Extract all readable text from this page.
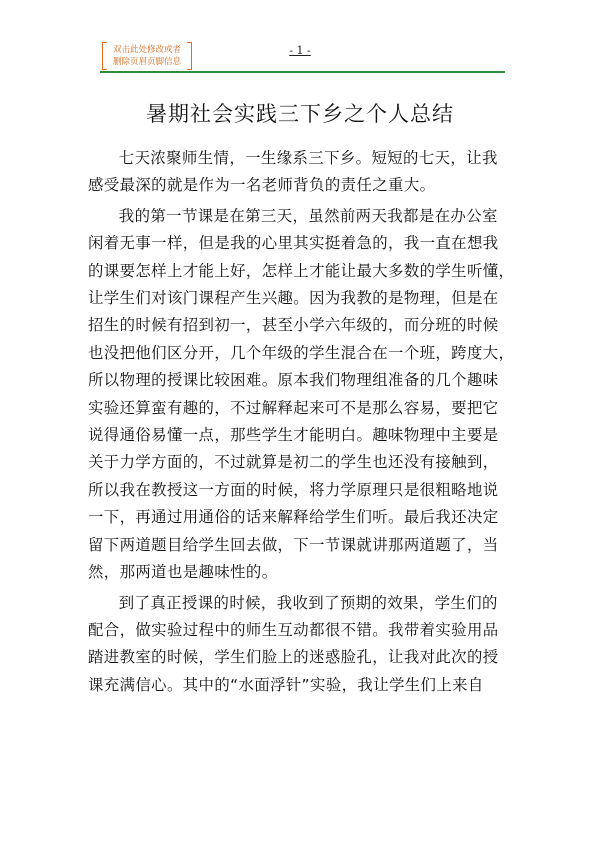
双击此处修改或者
删除页眉页脚信息
- 1 -
暑期社会实践三下乡之个人总结

七天浓聚师生情，一生缘系三下乡。短短的七天，让我
感受最深的就是作为一名老师背负的责任之重大。

我的第一节课是在第三天，虽然前两天我都是在办公室
闲着无事一样，但是我的心里其实挺着急的，我一直在想我
的课要怎样上才能上好，怎样上才能让最大多数的学生听懂，
让学生们对该门课程产生兴趣。因为我教的是物理，但是在
招生的时候有招到初一，甚至小学六年级的，而分班的时候
也没把他们区分开，几个年级的学生混合在一个班，跨度大，
所以物理的授课比较困难。原本我们物理组准备的几个趣味
实验还算蛮有趣的，不过解释起来可不是那么容易，要把它
说得通俗易懂一点，那些学生才能明白。趣味物理中主要是
关于力学方面的，不过就算是初二的学生也还没有接触到，
所以我在教授这一方面的时候，将力学原理只是很粗略地说
一下，再通过用通俗的话来解释给学生们听。最后我还决定
留下两道题目给学生回去做，下一节课就讲那两道题了，当
然，那两道也是趣味性的。

到了真正授课的时候，我收到了预期的效果，学生们的
配合，做实验过程中的师生互动都很不错。我带着实验用品
踏进教室的时候，学生们脸上的迷惑脸孔，让我对此次的授
课充满信心。其中的“水面浮针”实验，我让学生们上来自
